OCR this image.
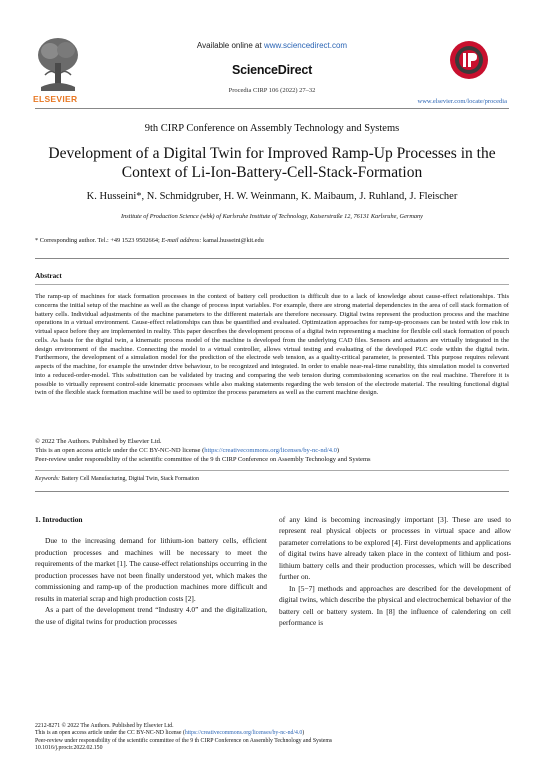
ELSEVIER
Available online at www.sciencedirect.com
ScienceDirect
Procedia CIRP 106 (2022) 27–32
www.elsevier.com/locate/procedia
9th CIRP Conference on Assembly Technology and Systems
Development of a Digital Twin for Improved Ramp-Up Processes in the Context of Li-Ion-Battery-Cell-Stack-Formation
K. Husseini*, N. Schmidgruber, H. W. Weinmann, K. Maibaum, J. Ruhland, J. Fleischer
Institute of Production Science (wbk) of Karlsruhe Institute of Technology, Kaiserstraße 12, 76131 Karlsruhe, Germany
* Corresponding author. Tel.: +49 1523 9502664; E-mail address: kamal.husseini@kit.edu
Abstract
The ramp-up of machines for stack formation processes in the context of battery cell production is difficult due to a lack of knowledge about cause-effect relationships. This concerns the initial setup of the machine as well as the change of process input variables. For example, there are strong material dependencies in the area of cell stack formation of battery cells. Individual adjustments of the machine parameters to the different materials are therefore necessary. Digital twins represent the production process and the machine operations in a virtual environment. Cause-effect relationships can thus be quantified and evaluated. Optimization approaches for ramp-up-processes can be tested with low risk in virtual space before they are implemented in reality. This paper describes the development process of a digital twin representing a machine for flexible cell stack formation of pouch cells. As basis for the digital twin, a kinematic process model of the machine is developed from the underlying CAD files. Sensors and actuators are virtually integrated in the design environment of the machine. Connecting the model to a virtual controller, allows virtual testing and evaluating of the developed PLC code within the digital twin. Furthermore, the development of a simulation model for the prediction of the electrode web tension, as a quality-critical parameter, is presented. This purpose requires relevant aspects of the machine, for example the unwinder drive behaviour, to be recognized and integrated. In order to enable near-real-time runability, this simulation model is converted into a reduced-order-model. This substitution can be validated by tracing and comparing the web tension during commissioning scenarios on the real machine. Therefore it is possible to virtually represent control-side kinematic processes while also making statements regarding the web tension of the electrode material. The resulting functional digital twin of the flexible stack formation machine will be used to optimize the process parameters as well as the current machine design.
© 2022 The Authors. Published by Elsevier Ltd.
This is an open access article under the CC BY-NC-ND license (https://creativecommons.org/licenses/by-nc-nd/4.0)
Peer-review under responsibility of the scientific committee of the 9 th CIRP Conference on Assembly Technology and Systems
Keywords: Battery Cell Manufacturing, Digital Twin, Stack Formation
1. Introduction

Due to the increasing demand for lithium-ion battery cells, efficient production processes and machines will be necessary to meet the requirements of the market [1]. The cause-effect relationships occurring in the production processes have not been finally understood yet, which makes the commissioning and ramp-up of the production machines more difficult and results in material scrap and high production costs [2].

As a part of the development trend “Industry 4.0” and the digitalization, the use of digital twins for production processes

of any kind is becoming increasingly important [3]. These are used to represent real physical objects or processes in virtual space and allow parameter correlations to be explored [4]. First developments and applications of digital twins have already taken place in the context of lithium and post-lithium battery cells and their production processes, which will be described further on.

In [5−7] methods and approaches are described for the development of digital twins, which describe the physical and electrochemical behavior of the battery cell or battery system. In [8] the influence of calendering on cell performance is

2212-8271 © 2022 The Authors. Published by Elsevier Ltd.
This is an open access article under the CC BY-NC-ND license (https://creativecommons.org/licenses/by-nc-nd/4.0)
Peer-review under responsibility of the scientific committee of the 9 th CIRP Conference on Assembly Technology and Systems
10.1016/j.procir.2022.02.150
